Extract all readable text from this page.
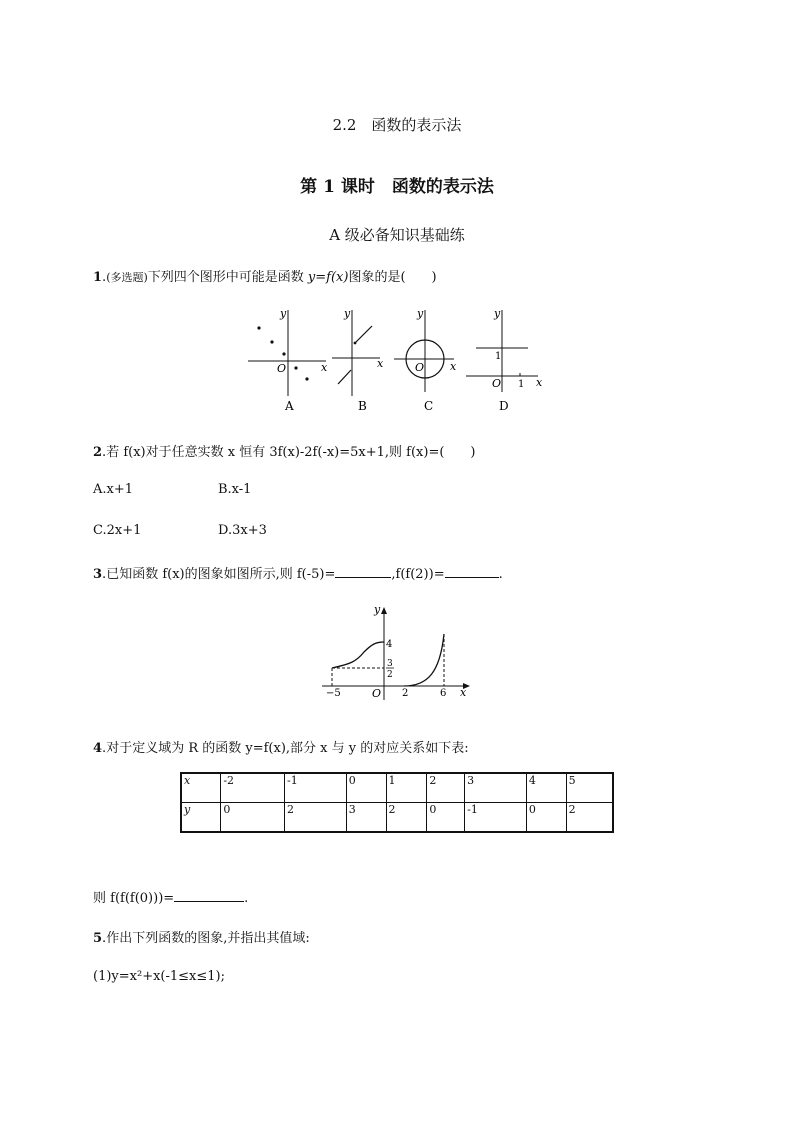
2.2　函数的表示法
第 1 课时　函数的表示法
A 级必备知识基础练
1.(多选题)下列四个图形中可能是函数 y=f(x)图象的是(　　)
y
x
O
A
y
x
B
y
x
O
C
y
x
O
1
1
D
2.若 f(x)对于任意实数 x 恒有 3f(x)-2f(-x)=5x+1,则 f(x)=(　　)
A.x+1	B.x-1
C.2x+1	D.3x+3
3.已知函数 f(x)的图象如图所示,则 f(-5)=	,f(f(2))=	.
y
x
O
4
3
2
−5	2	6
4.对于定义域为 R 的函数 y=f(x),部分 x 与 y 的对应关系如下表:
x	-2	-1	0	1	2	3	4	5
y	0	2	3	2	0	-1	0	2
则 f(f(f(0)))=	.
5.作出下列函数的图象,并指出其值域:
(1)y=x²+x(-1≤x≤1);
